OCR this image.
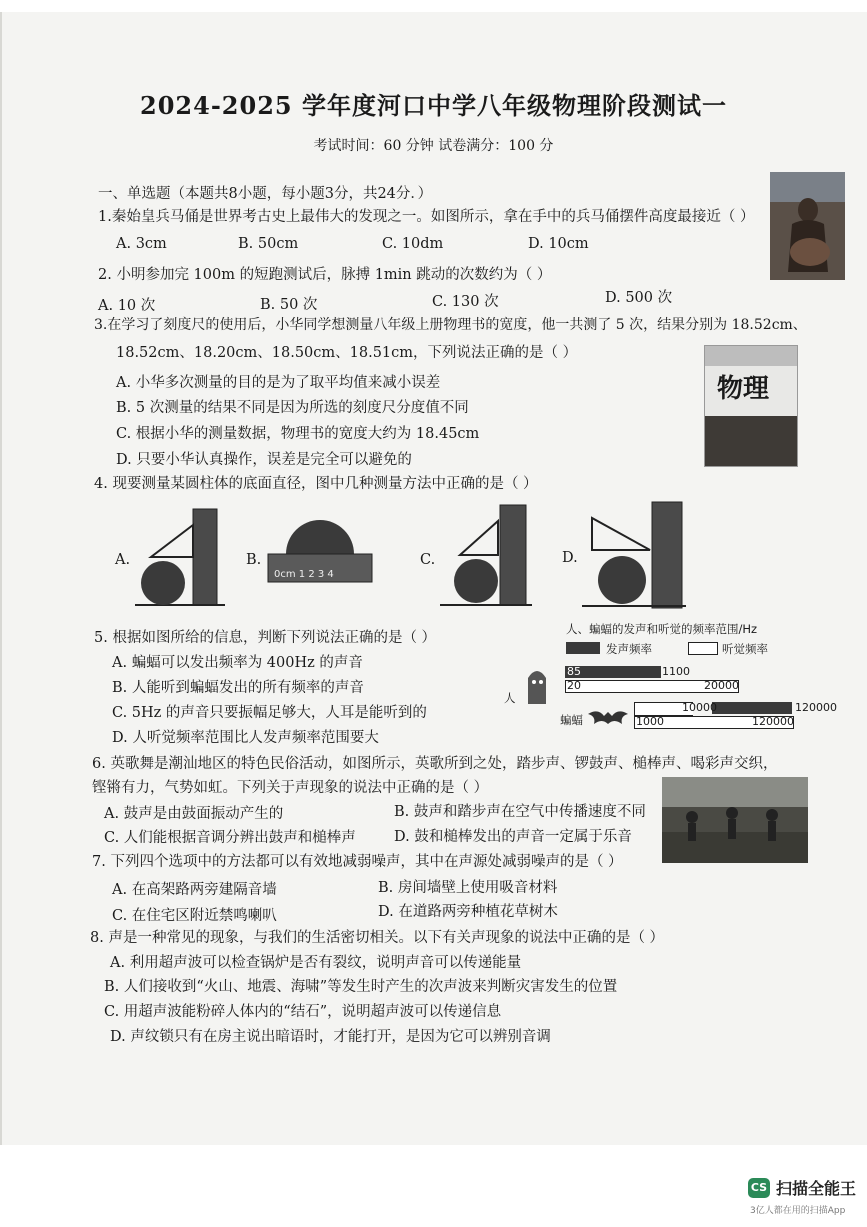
2024-2025 学年度河口中学八年级物理阶段测试一
考试时间：60 分钟 试卷满分：100 分
一、单选题（本题共8小题，每小题3分，共24分．）
1.秦始皇兵马俑是世界考古史上最伟大的发现之一。如图所示，拿在手中的兵马俑摆件高度最接近（ ）
A. 3cm	B. 50cm	C. 10dm	D. 10cm
2. 小明参加完 100m 的短跑测试后，脉搏 1min 跳动的次数约为（ ）
A. 10 次	B. 50 次	C. 130 次	D. 500 次
3.在学习了刻度尺的使用后，小华同学想测量八年级上册物理书的宽度，他一共测了 5 次，结果分别为 18.52cm、
18.52cm、18.20cm、18.50cm、18.51cm，下列说法正确的是（ ）
A. 小华多次测量的目的是为了取平均值来减小误差
B. 5 次测量的结果不同是因为所选的刻度尺分度值不同
C. 根据小华的测量数据，物理书的宽度大约为 18.45cm
D. 只要小华认真操作，误差是完全可以避免的
物理
4. 现要测量某圆柱体的底面直径，图中几种测量方法中正确的是（ ）
A.	B.	C.	D.
0cm 1 2 3 4
5. 根据如图所给的信息，判断下列说法正确的是（ ）
A. 蝙蝠可以发出频率为 400Hz 的声音
B. 人能听到蝙蝠发出的所有频率的声音
C. 5Hz 的声音只要振幅足够大，人耳是能听到的
D. 人听觉频率范围比人发声频率范围要大
人、蝙蝠的发声和听觉的频率范围/Hz
发声频率	听觉频率
人
85	1100
20	20000
蝙蝠
10000	120000
1000	120000
6. 英歌舞是潮汕地区的特色民俗活动，如图所示，英歌所到之处，踏步声、锣鼓声、槌棒声、喝彩声交织，
铿锵有力，气势如虹。下列关于声现象的说法中正确的是（ ）
A. 鼓声是由鼓面振动产生的	B. 鼓声和踏步声在空气中传播速度不同
C. 人们能根据音调分辨出鼓声和槌棒声	D. 鼓和槌棒发出的声音一定属于乐音
7. 下列四个选项中的方法都可以有效地减弱噪声，其中在声源处减弱噪声的是（ ）
A. 在高架路两旁建隔音墙	B. 房间墙壁上使用吸音材料
C. 在住宅区附近禁鸣喇叭	D. 在道路两旁种植花草树木
8. 声是一种常见的现象，与我们的生活密切相关。以下有关声现象的说法中正确的是（ ）
A. 利用超声波可以检查锅炉是否有裂纹，说明声音可以传递能量
B. 人们接收到“火山、地震、海啸”等发生时产生的次声波来判断灾害发生的位置
C. 用超声波能粉碎人体内的“结石”，说明超声波可以传递信息
D. 声纹锁只有在房主说出暗语时，才能打开，是因为它可以辨别音调
CS 扫描全能王
3亿人都在用的扫描App
